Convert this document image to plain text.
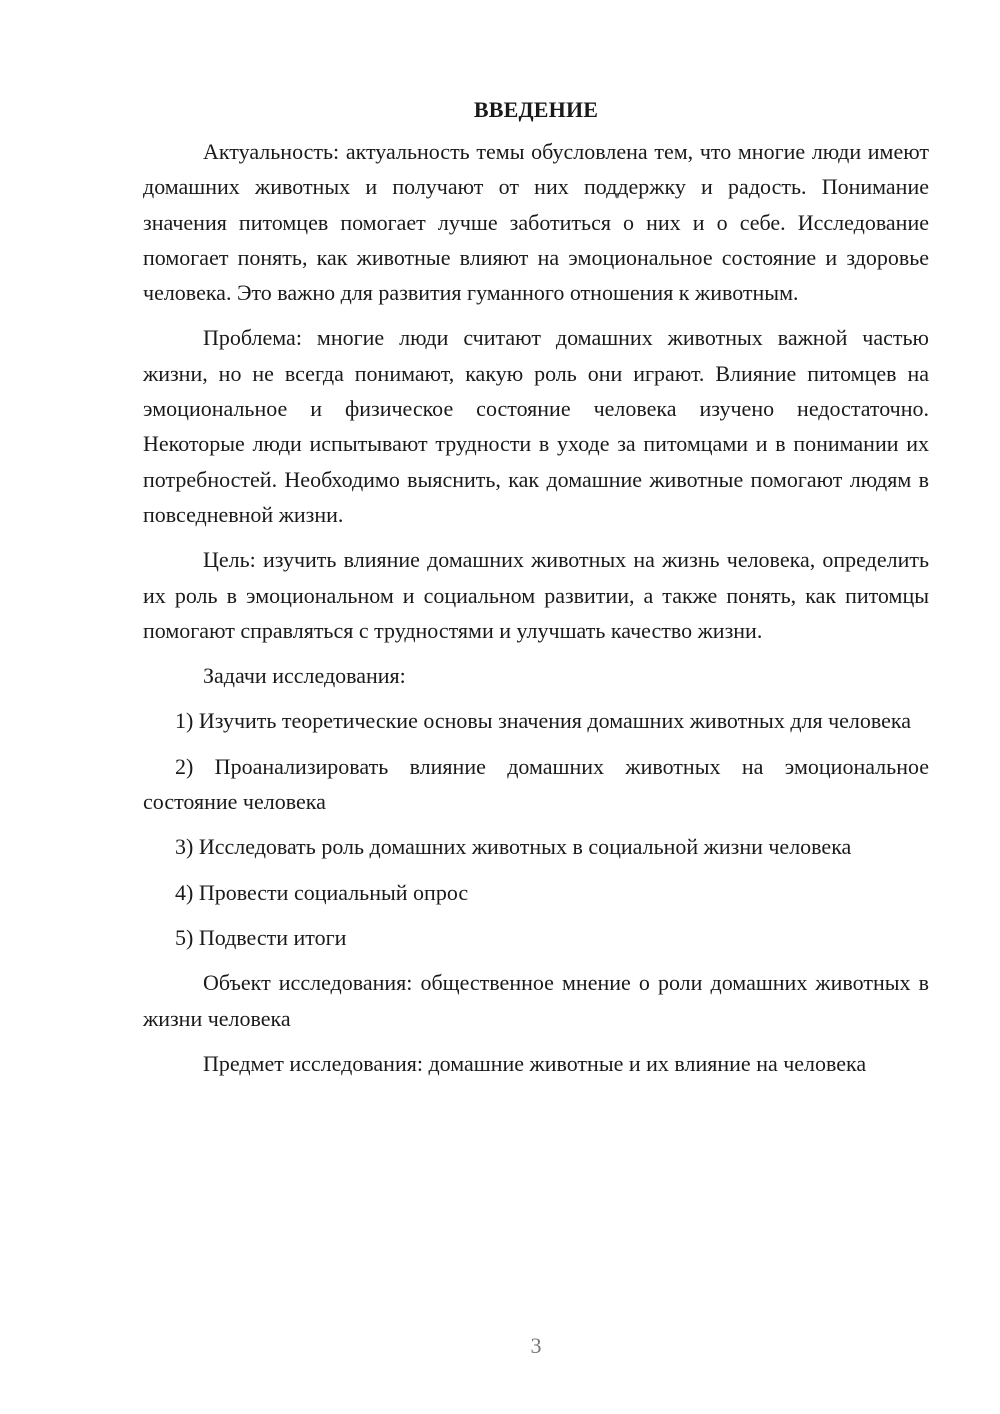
ВВЕДЕНИЕ

Актуальность: актуальность темы обусловлена тем, что многие люди имеют домашних животных и получают от них поддержку и радость. Понимание значения питомцев помогает лучше заботиться о них и о себе. Исследование помогает понять, как животные влияют на эмоциональное состояние и здоровье человека. Это важно для развития гуманного отношения к животным.

Проблема: многие люди считают домашних животных важной частью жизни, но не всегда понимают, какую роль они играют. Влияние питомцев на эмоциональное и физическое состояние человека изучено недостаточно. Некоторые люди испытывают трудности в уходе за питомцами и в понимании их потребностей. Необходимо выяснить, как домашние животные помогают людям в повседневной жизни.

Цель: изучить влияние домашних животных на жизнь человека, определить их роль в эмоциональном и социальном развитии, а также понять, как питомцы помогают справляться с трудностями и улучшать качество жизни.

Задачи исследования:

1) Изучить теоретические основы значения домашних животных для человека

2) Проанализировать влияние домашних животных на эмоциональное состояние человека

3) Исследовать роль домашних животных в социальной жизни человека

4) Провести социальный опрос

5) Подвести итоги

Объект исследования: общественное мнение о роли домашних животных в жизни человека

Предмет исследования: домашние животные и их влияние на человека

3
